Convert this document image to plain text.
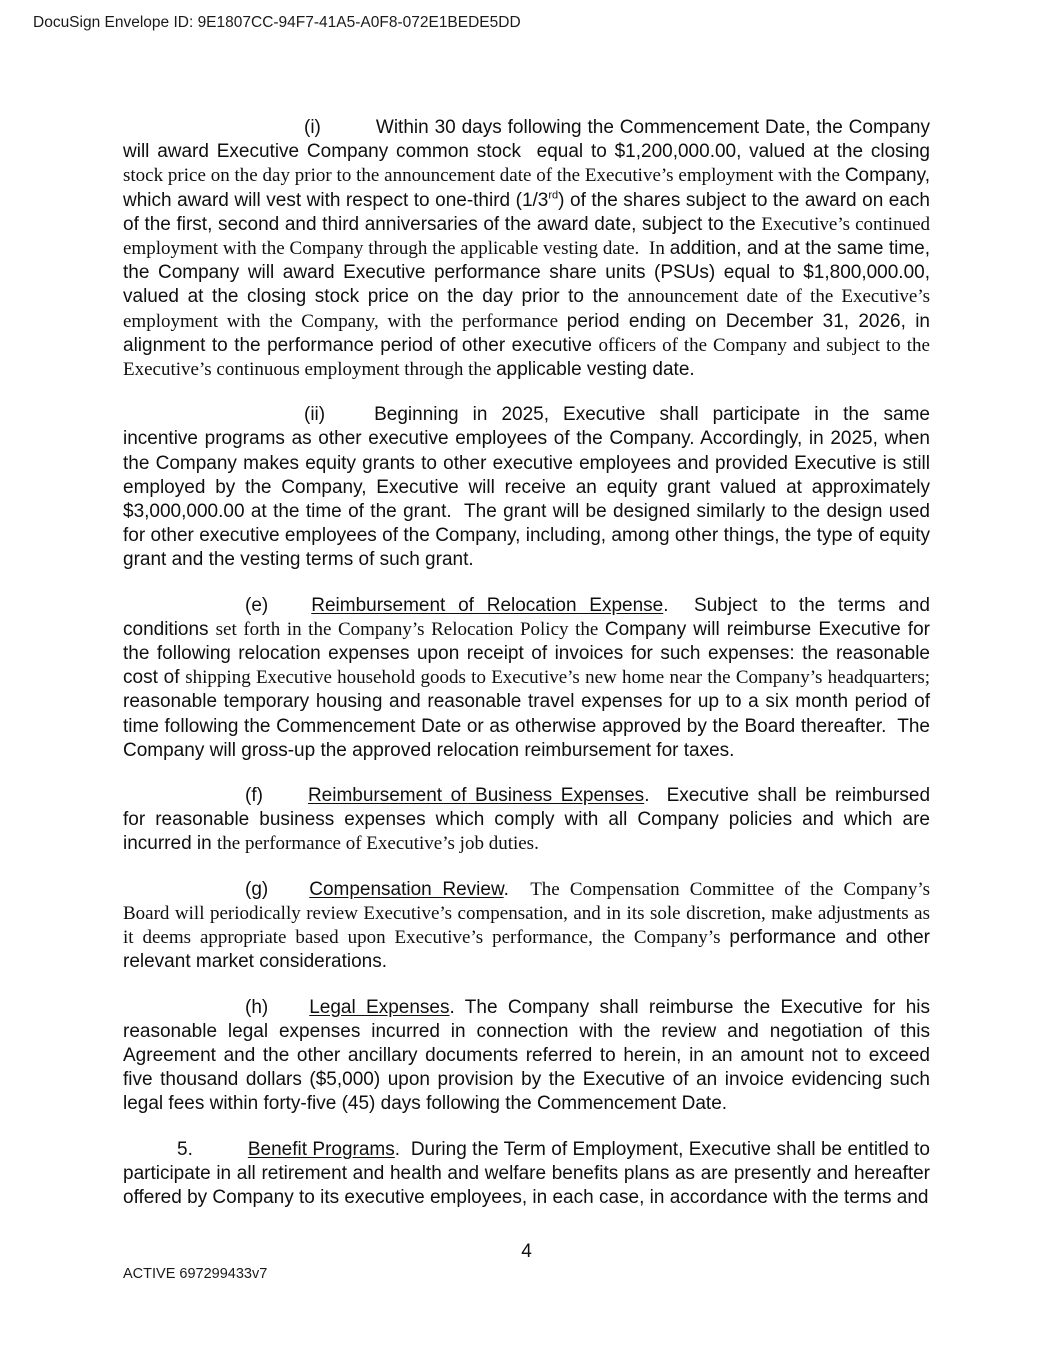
DocuSign Envelope ID: 9E1807CC-94F7-41A5-A0F8-072E1BEDE5DD

(i)	Within 30 days following the Commencement Date, the Company will award Executive Company common stock  equal to $1,200,000.00, valued at the closing stock price on the day prior to the announcement date of the Executive’s employment with the Company, which award will vest with respect to one-third (1/3rd) of the shares subject to the award on each of the first, second and third anniversaries of the award date, subject to the Executive’s continued employment with the Company through the applicable vesting date.  In addition, and at the same time, the Company will award Executive performance share units (PSUs) equal to $1,800,000.00, valued at the closing stock price on the day prior to the announcement date of the Executive’s employment with the Company, with the performance period ending on December 31, 2026, in alignment to the performance period of other executive officers of the Company and subject to the Executive’s continuous employment through the applicable vesting date.

(ii)	Beginning in 2025, Executive shall participate in the same incentive programs as other executive employees of the Company. Accordingly, in 2025, when the Company makes equity grants to other executive employees and provided Executive is still employed by the Company, Executive will receive an equity grant valued at approximately $3,000,000.00 at the time of the grant.  The grant will be designed similarly to the design used for other executive employees of the Company, including, among other things, the type of equity grant and the vesting terms of such grant.

(e) Reimbursement of Relocation Expense.  Subject to the terms and conditions set forth in the Company’s Relocation Policy the Company will reimburse Executive for the following relocation expenses upon receipt of invoices for such expenses: the reasonable cost of shipping Executive household goods to Executive’s new home near the Company’s headquarters; reasonable temporary housing and reasonable travel expenses for up to a six month period of time following the Commencement Date or as otherwise approved by the Board thereafter.  The Company will gross-up the approved relocation reimbursement for taxes.

(f) Reimbursement of Business Expenses.  Executive shall be reimbursed for reasonable business expenses which comply with all Company policies and which are incurred in the performance of Executive’s job duties.

(g) Compensation Review.  The Compensation Committee of the Company’s Board will periodically review Executive’s compensation, and in its sole discretion, make adjustments as it deems appropriate based upon Executive’s performance, the Company’s performance and other relevant market considerations.

(h) Legal Expenses. The Company shall reimburse the Executive for his reasonable legal expenses incurred in connection with the review and negotiation of this Agreement and the other ancillary documents referred to herein, in an amount not to exceed five thousand dollars ($5,000) upon provision by the Executive of an invoice evidencing such legal fees within forty-five (45) days following the Commencement Date.

5.	Benefit Programs.  During the Term of Employment, Executive shall be entitled to participate in all retirement and health and welfare benefits plans as are presently and hereafter offered by Company to its executive employees, in each case, in accordance with the terms and

4
ACTIVE 697299433v7
